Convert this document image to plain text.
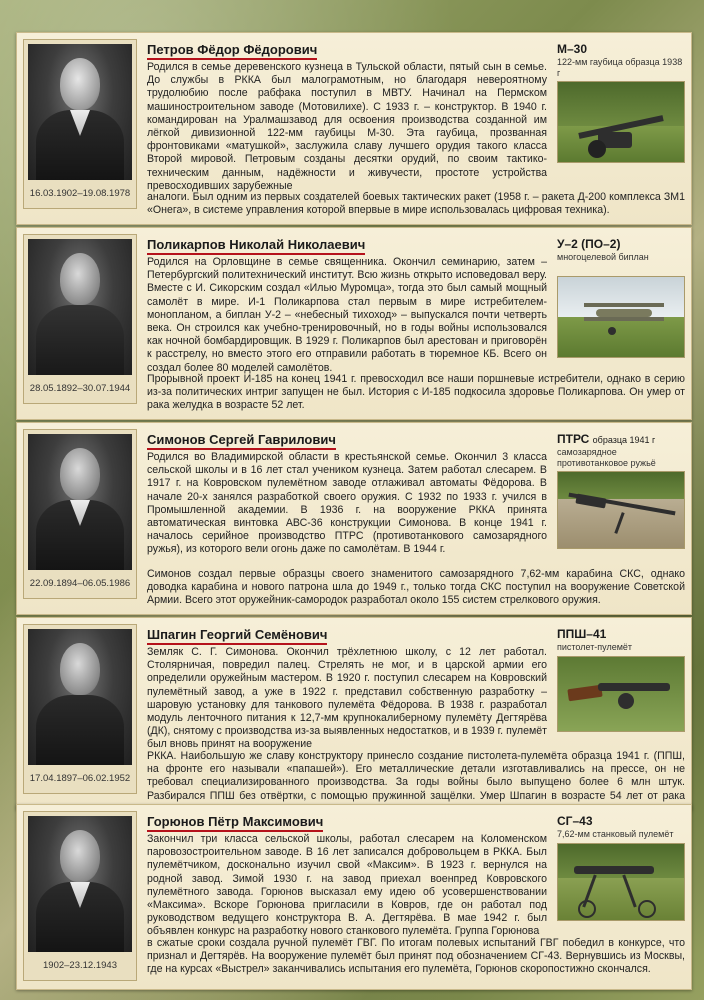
16.03.1902–19.08.1978
Петров Фёдор Фёдорович

Родился в семье деревенского кузнеца в Тульской области, пятый сын в семье. До службы в РККА был малограмотным, но благодаря невероятному трудолюбию после рабфака поступил в МВТУ. Начинал на Пермском машиностроительном заводе (Мотовилихе). С 1933 г. – конструктор. В 1940 г. командирован на Уралмашзавод для освоения производства созданной им лёгкой дивизионной 122-мм гаубицы М-30. Эта гаубица, прозванная фронтовиками «матушкой», заслужила славу лучшего орудия такого класса Второй мировой. Петровым созданы десятки орудий, по своим тактико-техническим данным, надёжности и живучести, простоте устройства превосходивших зарубежные

аналоги. Был одним из первых создателей боевых тактических ракет (1958 г. – ракета Д-200 комплекса ЗМ1 «Онега», в системе управления которой впервые в мире использовалась цифровая техника).

М–30
122-мм гаубица образца 1938 г
28.05.1892–30.07.1944
Поликарпов Николай Николаевич

Родился на Орловщине в семье священника. Окончил семинарию, затем – Петербургский политехнический институт. Всю жизнь открыто исповедовал веру. Вместе с И. Сикорским создал «Илью Муромца», тогда это был самый мощный самолёт в мире. И-1 Поликарпова стал первым в мире истребителем-монопланом, а биплан У-2 – «небесный тихоход» – выпускался почти четверть века. Он строился как учебно-тренировочный, но в годы войны использовался как ночной бомбардировщик. В 1929 г. Поликарпов был арестован и приговорён к расстрелу, но вместо этого его отправили работать в тюремное КБ. Всего он создал более 80 моделей самолётов.

Прорывной проект И-185 на конец 1941 г. превосходил все наши поршневые истребители, однако в серию из-за политических интриг запущен не был. История с И-185 подкосила здоровье Поликарпова. Он умер от рака желудка в возрасте 52 лет.

У–2 (ПО–2)
многоцелевой биплан
22.09.1894–06.05.1986
Симонов Сергей Гаврилович

Родился во Владимирской области в крестьянской семье. Окончил 3 класса сельской школы и в 16 лет стал учеником кузнеца. Затем работал слесарем. В 1917 г. на Ковровском пулемётном заводе отлаживал автоматы Фёдорова. В начале 20-х занялся разработкой своего оружия. С 1932 по 1933 г. учился в Промышленной академии. В 1936 г. на вооружение РККА принята автоматическая винтовка АВС-36 конструкции Симонова. В конце 1941 г. началось серийное производство ПТРС (противотанкового самозарядного ружья), из которого вели огонь даже по самолётам. В 1944 г.

Симонов создал первые образцы своего знаменитого самозарядного 7,62-мм карабина СКС, однако доводка карабина и нового патрона шла до 1949 г., только тогда СКС поступил на вооружение Советской Армии. Всего этот оружейник-самородок разработал около 155 систем стрелкового оружия.

ПТРС образца 1941 г
самозарядное противотанковое ружьё
17.04.1897–06.02.1952
Шпагин Георгий Семёнович

Земляк С. Г. Симонова. Окончил трёхлетнюю школу, с 12 лет работал. Столярничая, повредил палец. Стрелять не мог, и в царской армии его определили оружейным мастером. В 1920 г. поступил слесарем на Ковровский пулемётный завод, а уже в 1922 г. представил собственную разработку – шаровую установку для танкового пулемёта Фёдорова. В 1938 г. разработал модуль ленточного питания к 12,7-мм крупнокалиберному пулемёту Дегтярёва (ДК), снятому с производства из-за выявленных недостатков, и в 1939 г. пулемёт был вновь принят на вооружение

РККА. Наибольшую же славу конструктору принесло создание пистолета-пулемёта образца 1941 г. (ППШ, на фронте его называли «папашей»). Его металлические детали изготавливались на прессе, он не требовал специализированного производства. За годы войны было выпущено более 6 млн штук. Разбирался ППШ без отвёртки, с помощью пружинной защёлки. Умер Шпагин в возрасте 54 лет от рака

ППШ–41
пистолет-пулемёт
1902–23.12.1943
Горюнов Пётр Максимович

Закончил три класса сельской школы, работал слесарем на Коломенском паровозостроительном заводе. В 16 лет записался добровольцем в РККА. Был пулемётчиком, досконально изучил свой «Максим». В 1923 г. вернулся на родной завод. Зимой 1930 г. на завод приехал военпред Ковровского пулемётного завода. Горюнов высказал ему идею об усовершенствовании «Максима». Вскоре Горюнова пригласили в Ковров, где он работал под руководством ведущего конструктора В. А. Дегтярёва. В мае 1942 г. был объявлен конкурс на разработку нового станкового пулемёта. Группа Горюнова

в сжатые сроки создала ручной пулемёт ГВГ. По итогам полевых испытаний ГВГ победил в конкурсе, что признал и Дегтярёв. На вооружение пулемёт был принят под обозначением СГ-43. Вернувшись из Москвы, где на курсах «Выстрел» заканчивались испытания его пулемёта, Горюнов скоропостижно скончался.

СГ–43
7,62-мм станковый пулемёт
